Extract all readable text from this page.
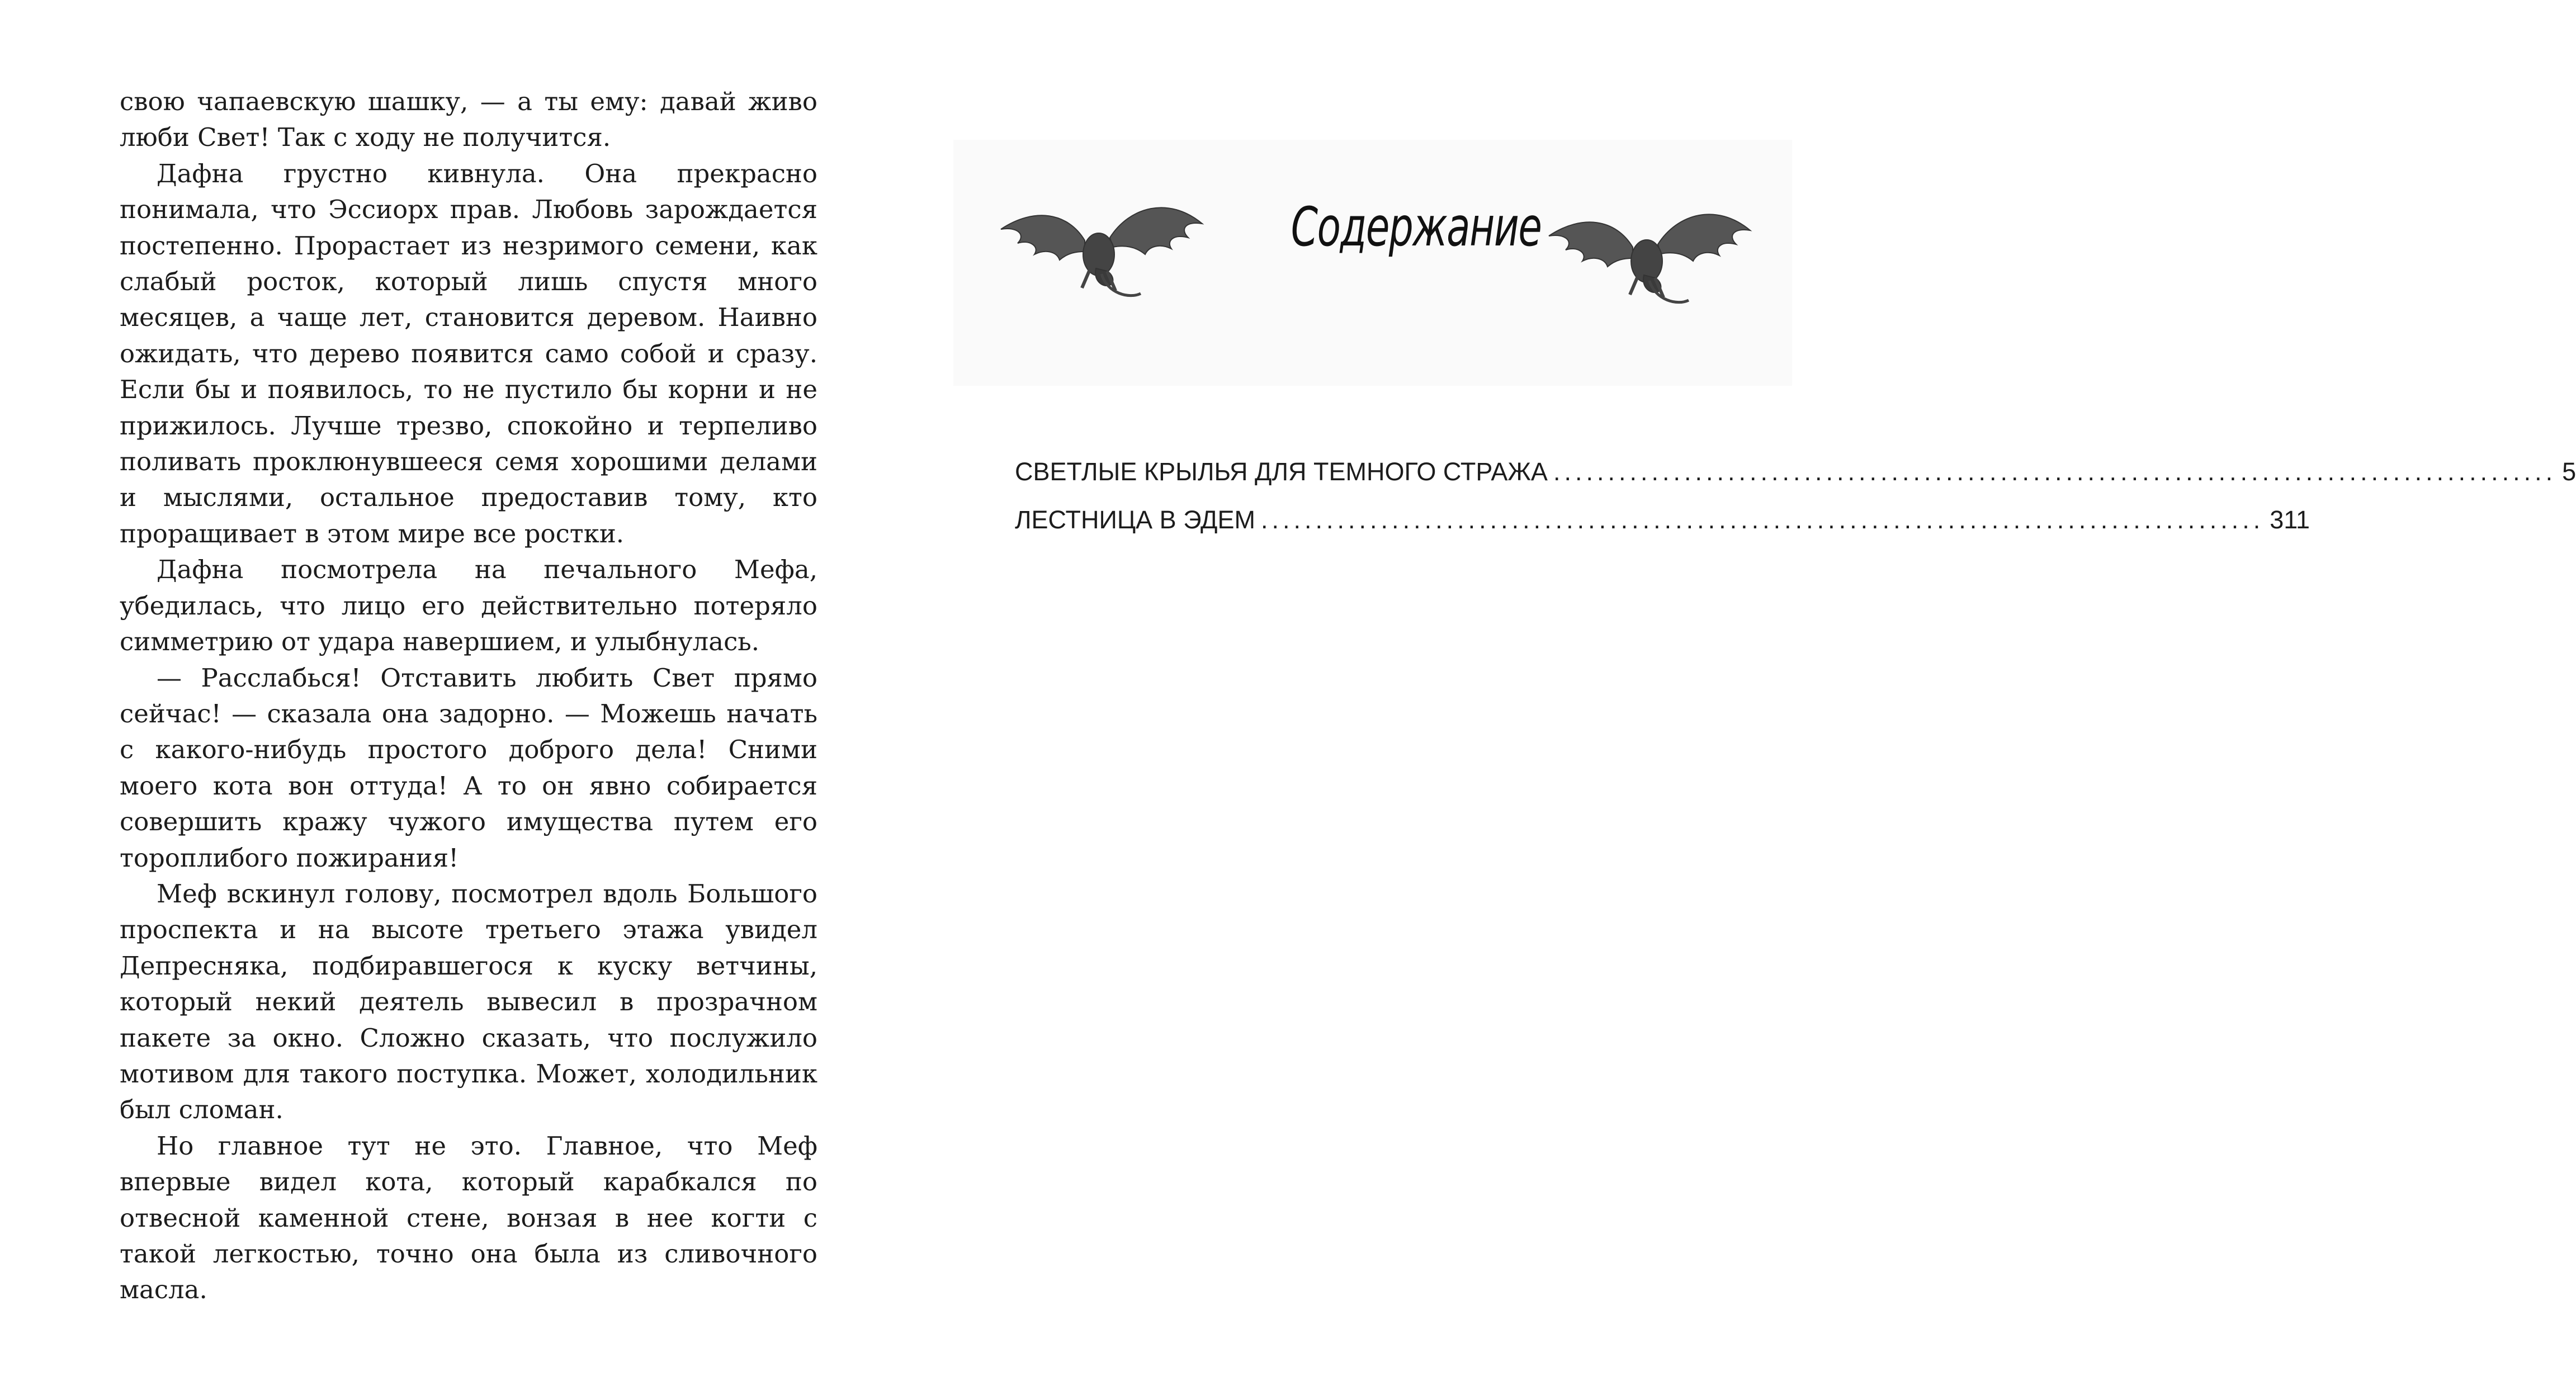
свою чапаевскую шашку, — а ты ему: давай живо люби Свет! Так с ходу не получится.

Дафна грустно кивнула. Она прекрасно понимала, что Эссиорх прав. Любовь зарождается постепенно. Прорастает из незримого семени, как слабый росток, который лишь спустя много месяцев, а чаще лет, становится деревом. Наивно ожидать, что дерево появится само собой и сразу. Если бы и появилось, то не пустило бы корни и не прижилось. Лучше трезво, спокойно и терпеливо поливать проклюнувшееся семя хорошими делами и мыслями, остальное предоставив тому, кто проращивает в этом мире все ростки.

Дафна посмотрела на печального Мефа, убедилась, что лицо его действительно потеряло симметрию от удара навершием, и улыбнулась.

— Расслабься! Отставить любить Свет прямо сейчас! — сказала она задорно. — Можешь начать с какого-нибудь простого доброго дела! Сними моего кота вон оттуда! А то он явно собирается совершить кражу чужого имущества путем его тороплибого пожирания!

Меф вскинул голову, посмотрел вдоль Большого проспекта и на высоте третьего этажа увидел Депресняка, подбиравшегося к куску ветчины, который некий деятель вывесил в прозрачном пакете за окно. Сложно сказать, что послужило мотивом для такого поступка. Может, холодильник был сломан.

Но главное тут не это. Главное, что Меф впервые видел кота, который карабкался по отвесной каменной стене, вонзая в нее когти с такой легкостью, точно она была из сливочного масла.

Содержание
СВЕТЛЫЕ КРЫЛЬЯ ДЛЯ ТЕМНОГО СТРАЖА ............................................................................................ 5
ЛЕСТНИЦА В ЭДЕМ ............................................................................................ 311
